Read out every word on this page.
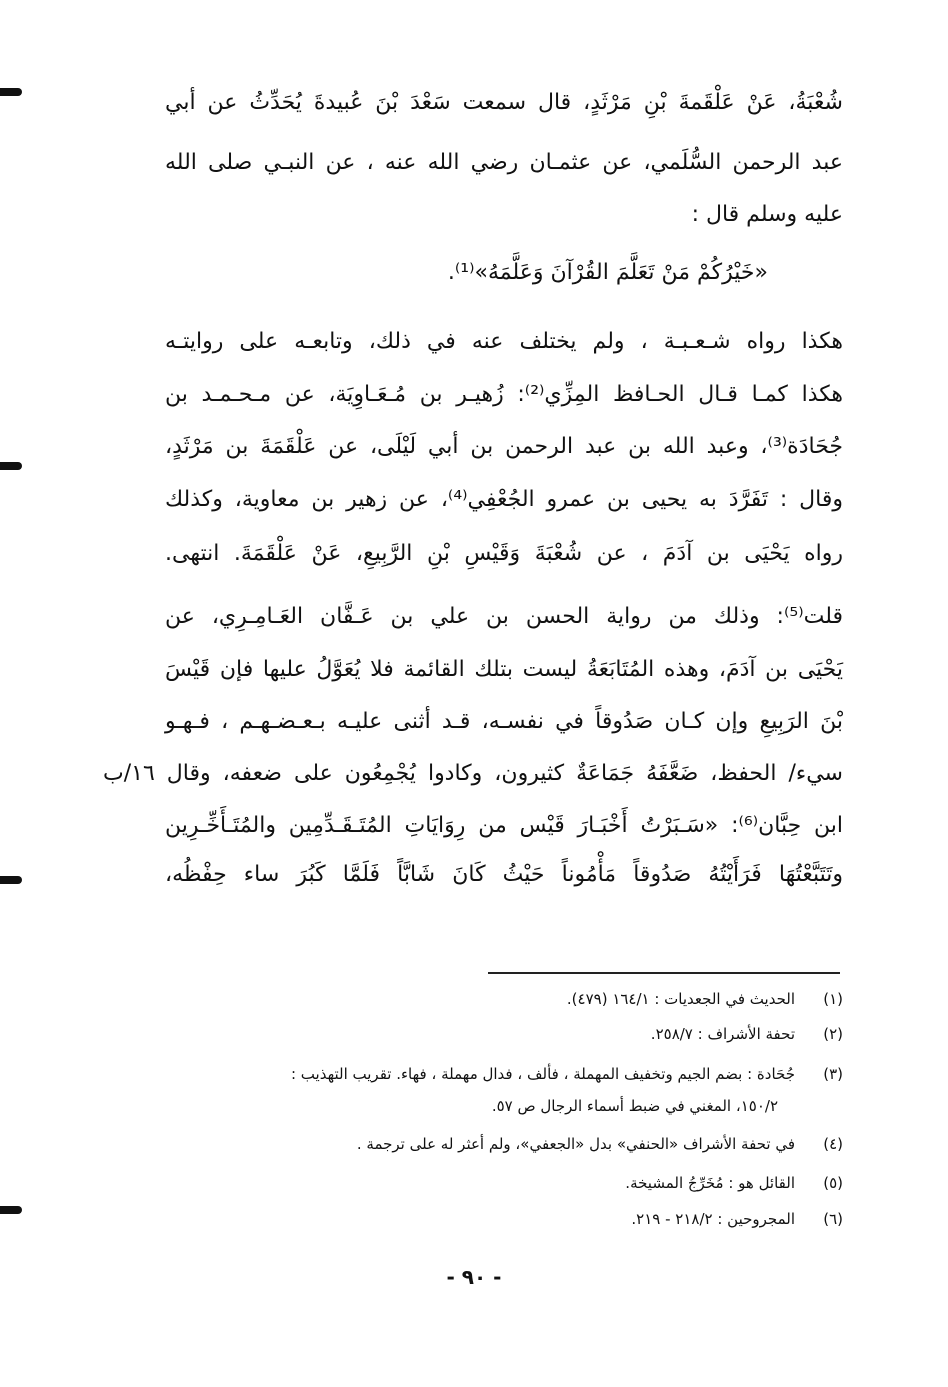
شُعْبَةُ، عَنْ عَلْقَمةَ بْنِ مَرْثَدٍ، قال سمعت سَعْدَ بْنَ عُبيدةَ يُحَدِّثُ عن أبي
عبد الرحمن السُّلَمي، عن عثمـان رضي الله عنه ، عن النبـي صلى الله
عليه وسلم قال :
«خَيْرُكُمْ مَنْ تَعَلَّمَ القُرْآنَ وَعَلَّمَهُ»⁽¹⁾.
هكذا رواه شـعـبـة ، ولم يختلف عنه في ذلك، وتابعـه على روايتـه
هكذا كمـا قـال الحـافظ المِزِّي⁽²⁾: زُهيـر بن مُـعَـاوِيَة، عن مـحـمـد بن
جُحَادَة⁽³⁾، وعبد الله بن عبد الرحمن بن أبي لَيْلَى، عن عَلْقَمَةَ بن مَرْثَدٍ،
وقال : تَفَرَّدَ به يحيى بن عمرو الجُعْفِي⁽⁴⁾، عن زهير بن معاوية، وكذلك
رواه يَحْيَى بن آدَمَ ، عن شُعْبَةَ وَقَيْسِ بْنِ الرَّبِيعِ، عَنْ عَلْقَمَةَ. انتهى.
قلت⁽⁵⁾: وذلك من رواية الحسن بن علي بن عَـفَّان العَـامِـرِي، عن
يَحْيَى بن آدَمَ، وهذه المُتَابَعَةُ ليست بتلك القائمة فلا يُعَوَّلُ عليها فإن قَيْسَ
بْنَ الرَبِيعِ وإن كـان صَدُوقاً في نفسـه، قـد أثنى عليـه بـعـضـهـم ، فـهـو
سيء/ الحفظ، ضَعَّفَهُ جَمَاعَةٌ كثيرون، وكادوا يُجْمِعُون على ضعفه، وقال ١٦/ب
ابن حِبَّان⁽⁶⁾: «سَـبَرْتُ أَخْبَـارَ قَيْس من رِوَايَاتِ المُتَـقَـدِّمِين والمُتَـأَخِّـرِين
وتَتَبَّعْتُهَا فَرَأَيْتُهُ صَدُوقاً مَأْمُوناً حَيْثُ كَانَ شَابَّاً فَلَمَّا كَبُرَ ساء حِفْظُه،
(١)الحديث في الجعديات : ١٦٤/١ (٤٧٩).
(٢)تحفة الأشراف : ٢٥٨/٧.
(٣)جُحَادة : بضم الجيم وتخفيف المهملة ، فألف ، فدال مهملة ، فهاء. تقريب التهذيب :
١٥٠/٢، المغني في ضبط أسماء الرجال ص ٥٧.
(٤)في تحفة الأشراف «الحنفي» بدل «الجعفي»، ولم أعثر له على ترجمة .
(٥)القائل هو : مُخَرِّجُ المشيخة.
(٦)المجروحين : ٢١٨/٢ - ٢١٩.
- ٩٠ -
